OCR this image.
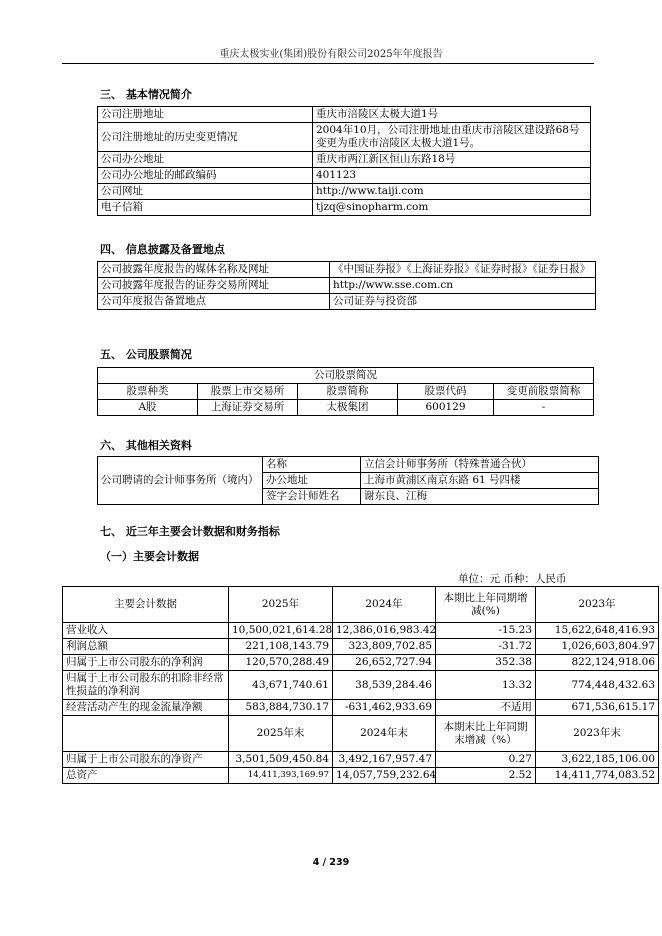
重庆太极实业(集团)股份有限公司2025年年度报告
三、 基本情况简介
公司注册地址	重庆市涪陵区太极大道1号
公司注册地址的历史变更情况	2004年10月，公司注册地址由重庆市涪陵区建设路68号变更为重庆市涪陵区太极大道1号。
公司办公地址	重庆市两江新区恒山东路18号
公司办公地址的邮政编码	401123
公司网址	http://www.taiji.com
电子信箱	tjzq@sinopharm.com
四、 信息披露及备置地点
公司披露年度报告的媒体名称及网址	《中国证券报》《上海证券报》《证券时报》《证券日报》
公司披露年度报告的证券交易所网址	http://www.sse.com.cn
公司年度报告备置地点	公司证券与投资部
五、 公司股票简况
公司股票简况				
股票种类	股票上市交易所	股票简称	股票代码	变更前股票简称
A股	上海证券交易所	太极集团	600129	-
六、 其他相关资料
公司聘请的会计师事务所（境内）	名称	立信会计师事务所（特殊普通合伙）
	办公地址	上海市黄浦区南京东路 61 号四楼
	签字会计师姓名	谢东良、江梅
七、 近三年主要会计数据和财务指标
（一）主要会计数据
单位：元 币种：人民币
主要会计数据	2025年	2024年	本期比上年同期增减(%)	2023年
营业收入	10,500,021,614.28	12,386,016,983.42	-15.23	15,622,648,416.93
利润总额	221,108,143.79	323,809,702.85	-31.72	1,026,603,804.97
归属于上市公司股东的净利润	120,570,288.49	26,652,727.94	352.38	822,124,918.06
归属于上市公司股东的扣除非经常性损益的净利润	43,671,740.61	38,539,284.46	13.32	774,448,432.63
经营活动产生的现金流量净额	583,884,730.17	-631,462,933.69	不适用	671,536,615.17
	2025年末	2024年末	本期末比上年同期末增减（%）	2023年末
归属于上市公司股东的净资产	3,501,509,450.84	3,492,167,957.47	0.27	3,622,185,106.00
总资产	14,411,393,169.97	14,057,759,232.64	2.52	14,411,774,083.52
4 / 239
